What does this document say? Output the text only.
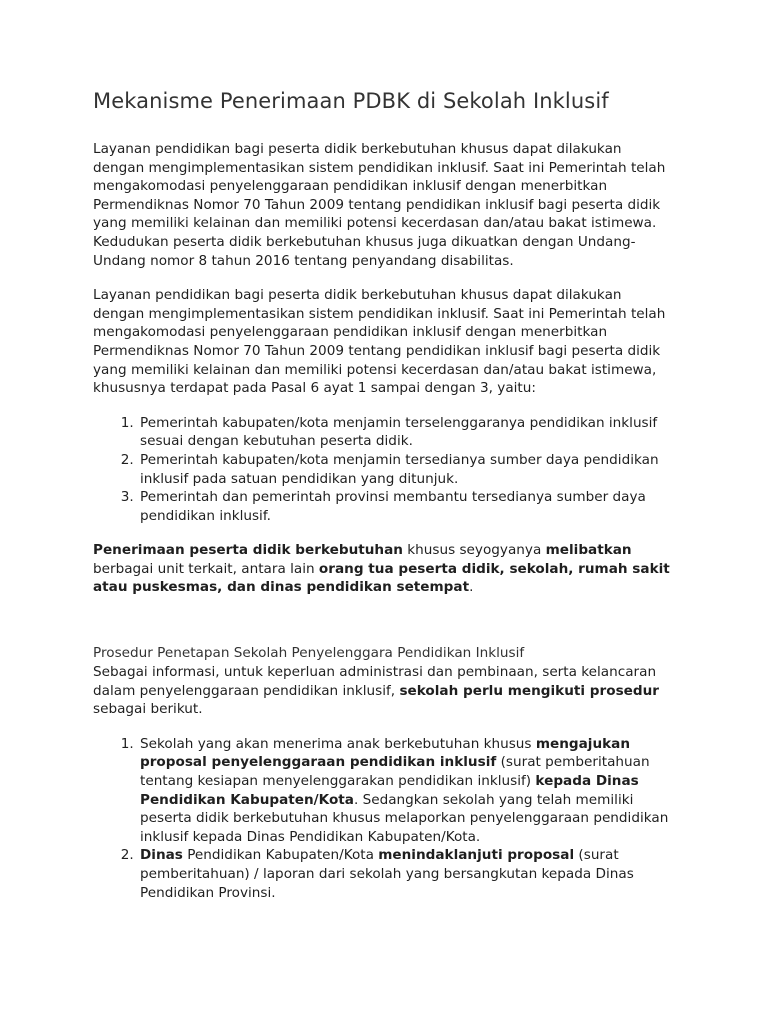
Mekanisme Penerimaan PDBK di Sekolah Inklusif

Layanan pendidikan bagi peserta didik berkebutuhan khusus dapat dilakukan dengan mengimplementasikan sistem pendidikan inklusif. Saat ini Pemerintah telah mengakomodasi penyelenggaraan pendidikan inklusif dengan menerbitkan Permendiknas Nomor 70 Tahun 2009 tentang pendidikan inklusif bagi peserta didik yang memiliki kelainan dan memiliki potensi kecerdasan dan/atau bakat istimewa. Kedudukan peserta didik berkebutuhan khusus juga dikuatkan dengan Undang-Undang nomor 8 tahun 2016 tentang penyandang disabilitas.

Layanan pendidikan bagi peserta didik berkebutuhan khusus dapat dilakukan dengan mengimplementasikan sistem pendidikan inklusif. Saat ini Pemerintah telah mengakomodasi penyelenggaraan pendidikan inklusif dengan menerbitkan Permendiknas Nomor 70 Tahun 2009 tentang pendidikan inklusif bagi peserta didik yang memiliki kelainan dan memiliki potensi kecerdasan dan/atau bakat istimewa, khususnya terdapat pada Pasal 6 ayat 1 sampai dengan 3, yaitu:

1. Pemerintah kabupaten/kota menjamin terselenggaranya pendidikan inklusif sesuai dengan kebutuhan peserta didik.
2. Pemerintah kabupaten/kota menjamin tersedianya sumber daya pendidikan inklusif pada satuan pendidikan yang ditunjuk.
3. Pemerintah dan pemerintah provinsi membantu tersedianya sumber daya pendidikan inklusif.

Penerimaan peserta didik berkebutuhan khusus seyogyanya melibatkan berbagai unit terkait, antara lain orang tua peserta didik, sekolah, rumah sakit atau puskesmas, dan dinas pendidikan setempat.

Prosedur Penetapan Sekolah Penyelenggara Pendidikan Inklusif

Sebagai informasi, untuk keperluan administrasi dan pembinaan, serta kelancaran dalam penyelenggaraan pendidikan inklusif, sekolah perlu mengikuti prosedur sebagai berikut.

1. Sekolah yang akan menerima anak berkebutuhan khusus mengajukan proposal penyelenggaraan pendidikan inklusif (surat pemberitahuan tentang kesiapan menyelenggarakan pendidikan inklusif) kepada Dinas Pendidikan Kabupaten/Kota. Sedangkan sekolah yang telah memiliki peserta didik berkebutuhan khusus melaporkan penyelenggaraan pendidikan inklusif kepada Dinas Pendidikan Kabupaten/Kota.
2. Dinas Pendidikan Kabupaten/Kota menindaklanjuti proposal (surat pemberitahuan) / laporan dari sekolah yang bersangkutan kepada Dinas Pendidikan Provinsi.
